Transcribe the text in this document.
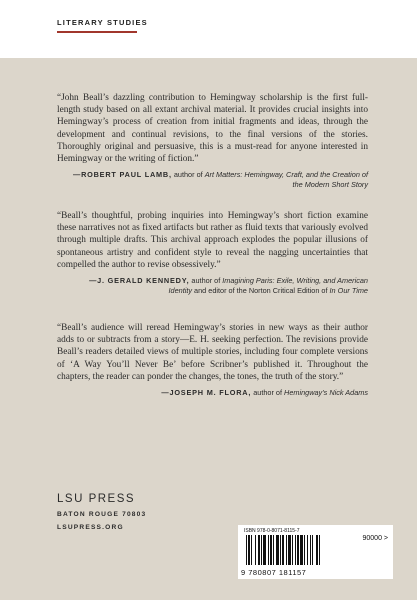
LITERARY STUDIES
“John Beall’s dazzling contribution to Hemingway scholarship is the first full-length study based on all extant archival material. It provides crucial insights into Hemingway’s process of creation from initial fragments and ideas, through the development and continual revisions, to the final versions of the stories. Thoroughly original and persuasive, this is a must-read for anyone interested in Hemingway or the writing of fiction.”
—ROBERT PAUL LAMB, author of Art Matters: Hemingway, Craft, and the Creation of the Modern Short Story
“Beall’s thoughtful, probing inquiries into Hemingway’s short fiction examine these narratives not as fixed artifacts but rather as fluid texts that variously evolved through multiple drafts. This archival approach explodes the popular illusions of spontaneous artistry and confident style to reveal the nagging uncertainties that compelled the author to revise obsessively.”
—J. GERALD KENNEDY, author of Imagining Paris: Exile, Writing, and American Identity and editor of the Norton Critical Edition of In Our Time
“Beall’s audience will reread Hemingway’s stories in new ways as their author adds to or subtracts from a story—E. H. seeking perfection. The revisions provide Beall’s readers detailed views of multiple stories, including four complete versions of ‘A Way You’ll Never Be’ before Scribner’s published it. Throughout the chapters, the reader can ponder the changes, the tones, the truth of the story.”
—JOSEPH M. FLORA, author of Hemingway’s Nick Adams
LSU PRESS
BATON ROUGE 70803
LSUPRESS.ORG	ISBN 978-0-8071-8115-7
90000 >
9 780807 181157
